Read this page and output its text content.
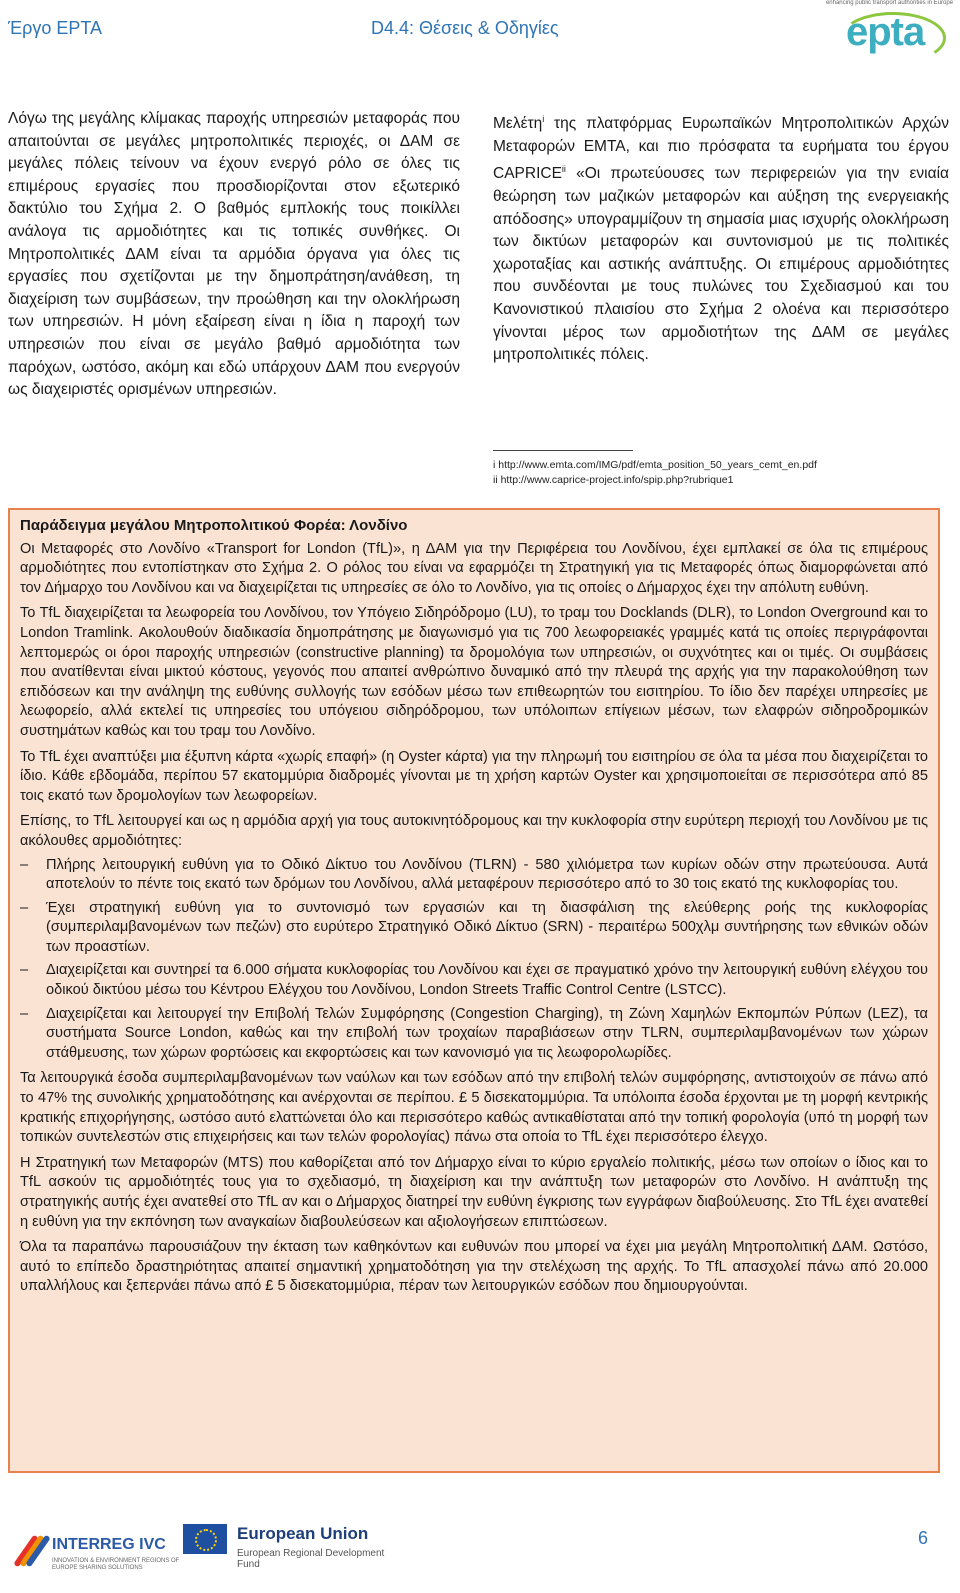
Έργο EPTA	D4.4: Θέσεις & Οδηγίες
enhancing public transport authorities in Europe
epta

Λόγω της μεγάλης κλίμακας παροχής υπηρεσιών μεταφοράς που απαιτούνται σε μεγάλες μητροπολιτικές περιοχές, οι ΔΑΜ σε μεγάλες πόλεις τείνουν να έχουν ενεργό ρόλο σε όλες τις επιμέρους εργασίες που προσδιορίζονται στον εξωτερικό δακτύλιο του Σχήμα 2. Ο βαθμός εμπλοκής τους ποικίλλει ανάλογα τις αρμοδιότητες και τις τοπικές συνθήκες. Οι Μητροπολιτικές ΔΑΜ είναι τα αρμόδια όργανα για όλες τις εργασίες που σχετίζονται με την δημοπράτηση/ανάθεση, τη διαχείριση των συμβάσεων, την προώθηση και την ολοκλήρωση των υπηρεσιών. Η μόνη εξαίρεση είναι η ίδια η παροχή των υπηρεσιών που είναι σε μεγάλο βαθμό αρμοδιότητα των παρόχων, ωστόσο, ακόμη και εδώ υπάρχουν ΔΑΜ που ενεργούν ως διαχειριστές ορισμένων υπηρεσιών.

Μελέτη$^i$ της πλατφόρμας Ευρωπαϊκών Μητροπολιτικών Αρχών Μεταφορών EMTA, και πιο πρόσφατα τα ευρήματα του έργου CAPRICE$^{ii}$ «Οι πρωτεύουσες των περιφερειών για την ενιαία θεώρηση των μαζικών μεταφορών και αύξηση της ενεργειακής απόδοσης» υπογραμμίζουν τη σημασία μιας ισχυρής ολοκλήρωση των δικτύων μεταφορών και συντονισμού με τις πολιτικές χωροταξίας και αστικής ανάπτυξης. Οι επιμέρους αρμοδιότητες που συνδέονται με τους πυλώνες του Σχεδιασμού και του Κανονιστικού πλαισίου στο Σχήμα 2 ολοένα και περισσότερο γίνονται μέρος των αρμοδιοτήτων της ΔΑΜ σε μεγάλες μητροπολιτικές πόλεις.

i http://www.emta.com/IMG/pdf/emta_position_50_years_cemt_en.pdf
ii http://www.caprice-project.info/spip.php?rubrique1
Παράδειγμα μεγάλου Μητροπολιτικού Φορέα: Λονδίνο

Οι Μεταφορές στο Λονδίνο «Transport for London (TfL)», η ΔΑΜ για την Περιφέρεια του Λονδίνου, έχει εμπλακεί σε όλα τις επιμέρους αρμοδιότητες που εντοπίστηκαν στο Σχήμα 2. Ο ρόλος του είναι να εφαρμόζει τη Στρατηγική για τις Μεταφορές όπως διαμορφώνεται από τον Δήμαρχο του Λονδίνου και να διαχειρίζεται τις υπηρεσίες σε όλο το Λονδίνο, για τις οποίες ο Δήμαρχος έχει την απόλυτη ευθύνη.

Το TfL διαχειρίζεται τα λεωφορεία του Λονδίνου, τον Υπόγειο Σιδηρόδρομο (LU), το τραμ του Docklands (DLR), το London Overground και το London Tramlink. Ακολουθούν διαδικασία δημοπράτησης με διαγωνισμό για τις 700 λεωφορειακές γραμμές κατά τις οποίες περιγράφονται λεπτομερώς οι όροι παροχής υπηρεσιών (constructive planning) τα δρομολόγια των υπηρεσιών, οι συχνότητες και οι τιμές. Οι συμβάσεις που ανατίθενται είναι μικτού κόστους, γεγονός που απαιτεί ανθρώπινο δυναμικό από την πλευρά της αρχής για την παρακολούθηση των επιδόσεων και την ανάληψη της ευθύνης συλλογής των εσόδων μέσω των επιθεωρητών του εισιτηρίου. Το ίδιο δεν παρέχει υπηρεσίες με λεωφορείο, αλλά εκτελεί τις υπηρεσίες του υπόγειου σιδηρόδρομου, των υπόλοιπων επίγειων μέσων, των ελαφρών σιδηροδρομικών συστημάτων καθώς και του τραμ του Λονδίνο.

Το TfL έχει αναπτύξει μια έξυπνη κάρτα «χωρίς επαφή» (η Oyster κάρτα) για την πληρωμή του εισιτηρίου σε όλα τα μέσα που διαχειρίζεται το ίδιο. Κάθε εβδομάδα, περίπου 57 εκατομμύρια διαδρομές γίνονται με τη χρήση καρτών Oyster και χρησιμοποιείται σε περισσότερα από 85 τοις εκατό των δρομολογίων των λεωφορείων.

Επίσης, το TfL λειτουργεί και ως η αρμόδια αρχή για τους αυτοκινητόδρομους και την κυκλοφορία στην ευρύτερη περιοχή του Λονδίνου με τις ακόλουθες αρμοδιότητες:

– Πλήρης λειτουργική ευθύνη για το Οδικό Δίκτυο του Λονδίνου (TLRN) - 580 χιλιόμετρα των κυρίων οδών στην πρωτεύουσα. Αυτά αποτελούν το πέντε τοις εκατό των δρόμων του Λονδίνου, αλλά μεταφέρουν περισσότερο από το 30 τοις εκατό της κυκλοφορίας του.
– Έχει στρατηγική ευθύνη για το συντονισμό των εργασιών και τη διασφάλιση της ελεύθερης ροής της κυκλοφορίας (συμπεριλαμβανομένων των πεζών) στο ευρύτερο Στρατηγικό Οδικό Δίκτυο (SRN) - περαιτέρω 500χλμ συντήρησης των εθνικών οδών των προαστίων.
– Διαχειρίζεται και συντηρεί τα 6.000 σήματα κυκλοφορίας του Λονδίνου και έχει σε πραγματικό χρόνο την λειτουργική ευθύνη ελέγχου του οδικού δικτύου μέσω του Κέντρου Ελέγχου του Λονδίνου, London Streets Traffic Control Centre (LSTCC).
– Διαχειρίζεται και λειτουργεί την Επιβολή Τελών Συμφόρησης (Congestion Charging), τη Ζώνη Χαμηλών Εκπομπών Ρύπων (LEZ), τα συστήματα Source London, καθώς και την επιβολή των τροχαίων παραβιάσεων στην TLRN, συμπεριλαμβανομένων των χώρων στάθμευσης, των χώρων φορτώσεις και εκφορτώσεις και των κανονισμό για τις λεωφορολωρίδες.

Τα λειτουργικά έσοδα συμπεριλαμβανομένων των ναύλων και των εσόδων από την επιβολή τελών συμφόρησης, αντιστοιχούν σε πάνω από το 47% της συνολικής χρηματοδότησης και ανέρχονται σε περίπου. £ 5 δισεκατομμύρια. Τα υπόλοιπα έσοδα έρχονται με τη μορφή κεντρικής κρατικής επιχορήγησης, ωστόσο αυτό ελαττώνεται όλο και περισσότερο καθώς αντικαθίσταται από την τοπική φορολογία (υπό τη μορφή των τοπικών συντελεστών στις επιχειρήσεις και των τελών φορολογίας) πάνω στα οποία το TfL έχει περισσότερο έλεγχο.

Η Στρατηγική των Μεταφορών (MTS) που καθορίζεται από τον Δήμαρχο είναι το κύριο εργαλείο πολιτικής, μέσω των οποίων ο ίδιος και το TfL ασκούν τις αρμοδιότητές τους για το σχεδιασμό, τη διαχείριση και την ανάπτυξη των μεταφορών στο Λονδίνο. Η ανάπτυξη της στρατηγικής αυτής έχει ανατεθεί στο TfL αν και ο Δήμαρχος διατηρεί την ευθύνη έγκρισης των εγγράφων διαβούλευσης. Στο TfL έχει ανατεθεί η ευθύνη για την εκπόνηση των αναγκαίων διαβουλεύσεων και αξιολογήσεων επιπτώσεων.

Όλα τα παραπάνω παρουσιάζουν την έκταση των καθηκόντων και ευθυνών που μπορεί να έχει μια μεγάλη Μητροπολιτική ΔΑΜ. Ωστόσο, αυτό το επίπεδο δραστηριότητας απαιτεί σημαντική χρηματοδότηση για την στελέχωση της αρχής. Το TfL απασχολεί πάνω από 20.000 υπαλλήλους και ξεπερνάει πάνω από £ 5 δισεκατομμύρια, πέραν των λειτουργικών εσόδων που δημιουργούνται.

INTERREG IVC
INNOVATION & ENVIRONMENT REGIONS OF EUROPE SHARING SOLUTIONS
European Union
European Regional Development Fund
6
